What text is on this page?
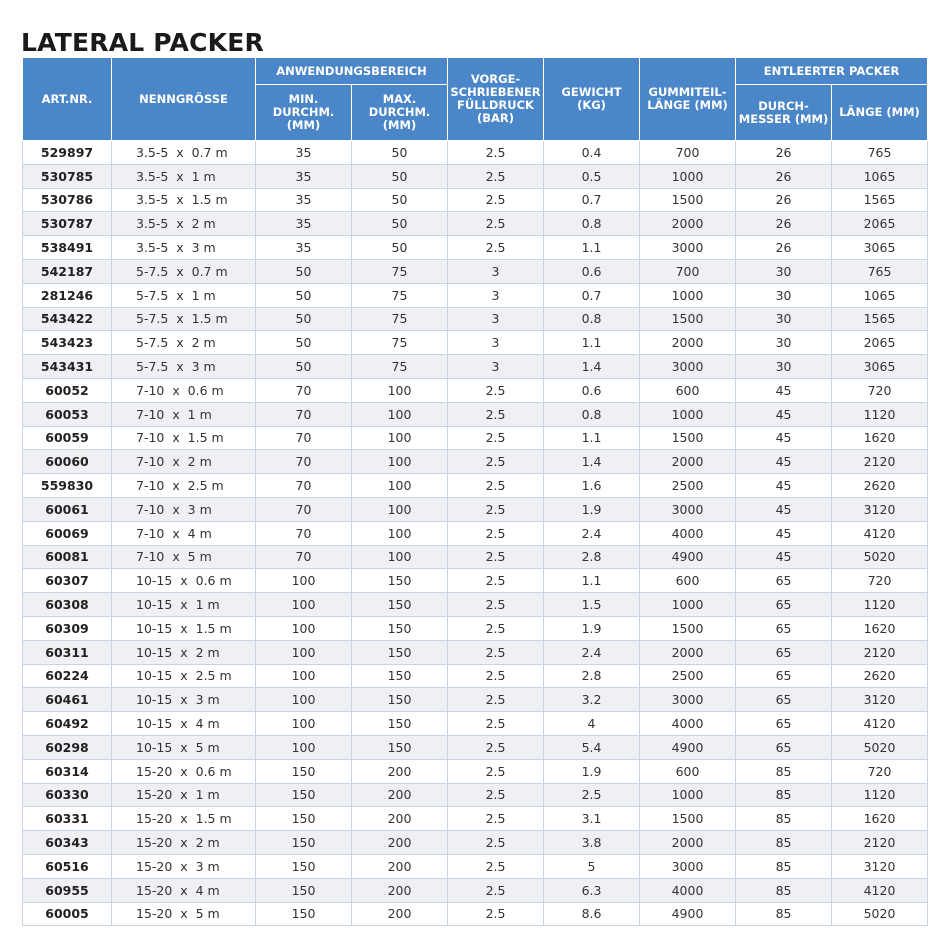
LATERAL PACKER
ART.NR.	NENNGRÖSSE	ANWENDUNGSBEREICH		VORGE- SCHRIEBENER FÜLLDRUCK (BAR)	GEWICHT (KG)	GUMMITEIL- LÄNGE (MM)	ENTLEERTER PACKER	
		MIN. DURCHM. (MM)	MAX. DURCHM. (MM)				DURCH- MESSER (MM)	LÄNGE (MM)
529897	3.5-5  x  0.7 m	35	50	2.5	0.4	700	26	765
530785	3.5-5  x  1 m	35	50	2.5	0.5	1000	26	1065
530786	3.5-5  x  1.5 m	35	50	2.5	0.7	1500	26	1565
530787	3.5-5  x  2 m	35	50	2.5	0.8	2000	26	2065
538491	3.5-5  x  3 m	35	50	2.5	1.1	3000	26	3065
542187	5-7.5  x  0.7 m	50	75	3	0.6	700	30	765
281246	5-7.5  x  1 m	50	75	3	0.7	1000	30	1065
543422	5-7.5  x  1.5 m	50	75	3	0.8	1500	30	1565
543423	5-7.5  x  2 m	50	75	3	1.1	2000	30	2065
543431	5-7.5  x  3 m	50	75	3	1.4	3000	30	3065
60052	7-10  x  0.6 m	70	100	2.5	0.6	600	45	720
60053	7-10  x  1 m	70	100	2.5	0.8	1000	45	1120
60059	7-10  x  1.5 m	70	100	2.5	1.1	1500	45	1620
60060	7-10  x  2 m	70	100	2.5	1.4	2000	45	2120
559830	7-10  x  2.5 m	70	100	2.5	1.6	2500	45	2620
60061	7-10  x  3 m	70	100	2.5	1.9	3000	45	3120
60069	7-10  x  4 m	70	100	2.5	2.4	4000	45	4120
60081	7-10  x  5 m	70	100	2.5	2.8	4900	45	5020
60307	10-15  x  0.6 m	100	150	2.5	1.1	600	65	720
60308	10-15  x  1 m	100	150	2.5	1.5	1000	65	1120
60309	10-15  x  1.5 m	100	150	2.5	1.9	1500	65	1620
60311	10-15  x  2 m	100	150	2.5	2.4	2000	65	2120
60224	10-15  x  2.5 m	100	150	2.5	2.8	2500	65	2620
60461	10-15  x  3 m	100	150	2.5	3.2	3000	65	3120
60492	10-15  x  4 m	100	150	2.5	4	4000	65	4120
60298	10-15  x  5 m	100	150	2.5	5.4	4900	65	5020
60314	15-20  x  0.6 m	150	200	2.5	1.9	600	85	720
60330	15-20  x  1 m	150	200	2.5	2.5	1000	85	1120
60331	15-20  x  1.5 m	150	200	2.5	3.1	1500	85	1620
60343	15-20  x  2 m	150	200	2.5	3.8	2000	85	2120
60516	15-20  x  3 m	150	200	2.5	5	3000	85	3120
60955	15-20  x  4 m	150	200	2.5	6.3	4000	85	4120
60005	15-20  x  5 m	150	200	2.5	8.6	4900	85	5020
